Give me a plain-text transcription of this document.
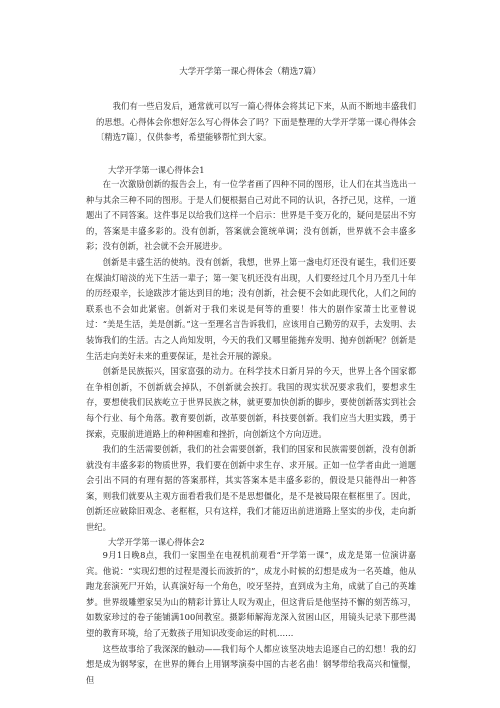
大学开学第一课心得体会（精选7篇）

我们有一些启发后，通常就可以写一篇心得体会将其记下来，从而不断地丰盛我们的思想。心得体会你想好怎么写心得体会了吗？下面是整理的大学开学第一课心得体会〔精选7篇〕，仅供参考，希望能够帮忙到大家。

大学开学第一课心得体会1

在一次激励创新的报告会上，有一位学者画了四种不同的图形，让人们在其当选出一种与其余三种不同的图形。于是人们便根据自己对此不同的认识，各抒己见，这样，一道题出了不同答案。这件事足以给我们这样一个启示：世界是千变万化的，疑问是层出不穷的，答案是丰盛多彩的。没有创新，答案就会篦统单调；没有创新，世界就不会丰盛多彩；没有创新，社会就不会开展进步。

创新是丰盛生活的使纳。没有创新，我想，世界上第一盏电灯还没有诞生，我们还要在煤油灯暗淡的光下生活一辈子；第一架飞机还没有出现，人们要经过几个月乃至几十年的历经艰辛，长途跋涉才能达到目的地；没有创新，社会便不会如此现代化，人们之间的联系也不会如此紧密。创新对于我们来说是何等的重要！伟大的剧作家萧士比亚曾说过：“美是生活，美是创新。”这一至理名言告诉我们，应该用自己勤劳的双手，去发明、去装饰我们的生活。古之人尚知发明，今天的我们又哪里能抛弃发明、抛弃创新呢？创新是生活走向美好未来的重要保证，是社会开展的源泉。

创新是民族振兴，国家富强的动力。在科学技术日新月异的今天，世界上各个国家都在争相创新，不创新就会掉队，不创新就会挨打。我国的现实状况要求我们，要想求生存，要想使我们民族屹立于世界民族之林，就更要加快创新的脚步，要使创新落实到社会每个行业、每个角落。教育要创新，改革要创新，科技要创新。我们应当大胆实践，勇于探索，克服前进道路上的种种困难和挫折，向创新这个方向迈进。

我们的生活需要创新，我们的社会需要创新，我们的国家和民族需要创新，没有创新就没有丰盛多彩的物质世界，我们要在创新中求生存、求开展。正如一位学者由此一道题会引出不同的有理有据的答案那样，其实答案本是丰盛多彩的，假设是只能得出一种答案，则我们就要从主观方面看看我们是不是思想僵化，是不是被局限在框框里了。因此，创新还应破除旧观念、老框框，只有这样，我们才能迈出前进道路上坚实的步伐，走向新世纪。

大学开学第一课心得体会2

9月1日晚8点，我们一家围坐在电视机前观看“开学第一课”，成龙是第一位演讲嘉宾。他说：“实现幻想的过程是漫长而波折的”，成龙小时候的幻想是成为一名英雄，他从跑龙套演死尸开始，认真演好每一个角色，咬牙坚持，直到成为主角，成就了自己的英雄梦。世界级雕塑家吴为山的精彩计算让人叹为观止，但这背后是他坚持不懈的刻苦练习，如数家珍过的卷子能铺满100间教室。摄影师解海龙深入贫困山区，用镜头记录下那些渴望的教育环境，给了无数孩子用知识改变命运的时机……

这些故事给了我深深的触动——我们每个人都应该坚决地去追逐自己的幻想！我的幻想是成为钢琴家，在世界的舞台上用钢琴演奏中国的古老名曲！钢琴带给我高兴和憧憬，但
